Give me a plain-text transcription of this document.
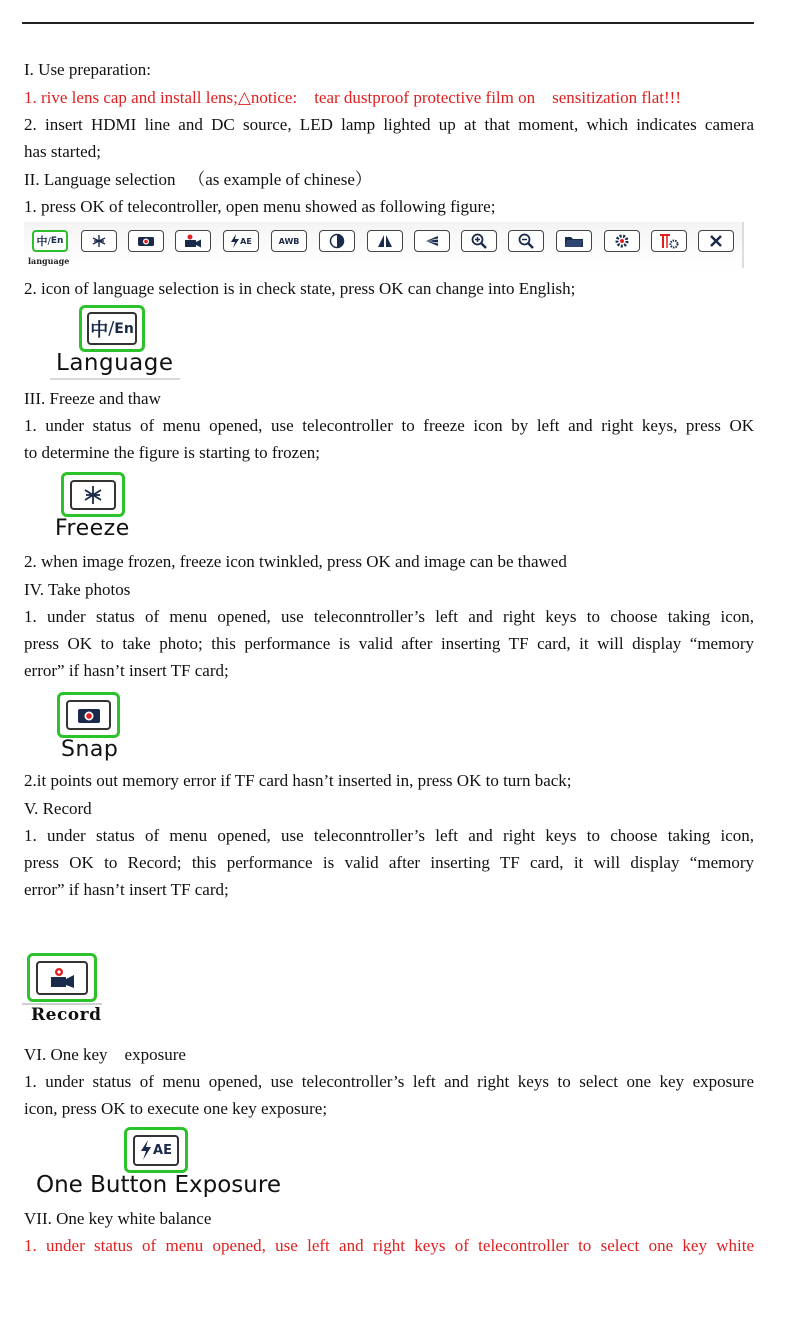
I. Use preparation:
1. rive lens cap and install lens;△notice:    tear dustproof protective film on    sensitization flat!!!
2. insert HDMI line and DC source, LED lamp lighted up at that moment, which indicates camera
has started;
II. Language selection   （as example of chinese）
1. press OK of telecontroller, open menu showed as following figure;
中 / En	AE	AWB
language
2. icon of language selection is in check state, press OK can change into English;
中 / En
Language
III. Freeze and thaw
1. under status of menu opened, use telecontroller to freeze icon by left and right keys, press OK
to determine the figure is starting to frozen;
Freeze
2. when image frozen, freeze icon twinkled, press OK and image can be thawed
IV. Take photos
1. under status of menu opened, use teleconntroller’s left and right keys to choose taking icon,
press OK to take photo; this performance is valid after inserting TF card, it will display “memory
error” if hasn’t insert TF card;
Snap
2.it points out memory error if TF card hasn’t inserted in, press OK to turn back;
V. Record
1. under status of menu opened, use teleconntroller’s left and right keys to choose taking icon,
press OK to Record; this performance is valid after inserting TF card, it will display “memory
error” if hasn’t insert TF card;
Record
VI. One key    exposure
1. under status of menu opened, use telecontroller’s left and right keys to select one key exposure
icon, press OK to execute one key exposure;
AE
One Button Exposure
VII. One key white balance
1. under status of menu opened, use left and right keys of telecontroller to select one key white
